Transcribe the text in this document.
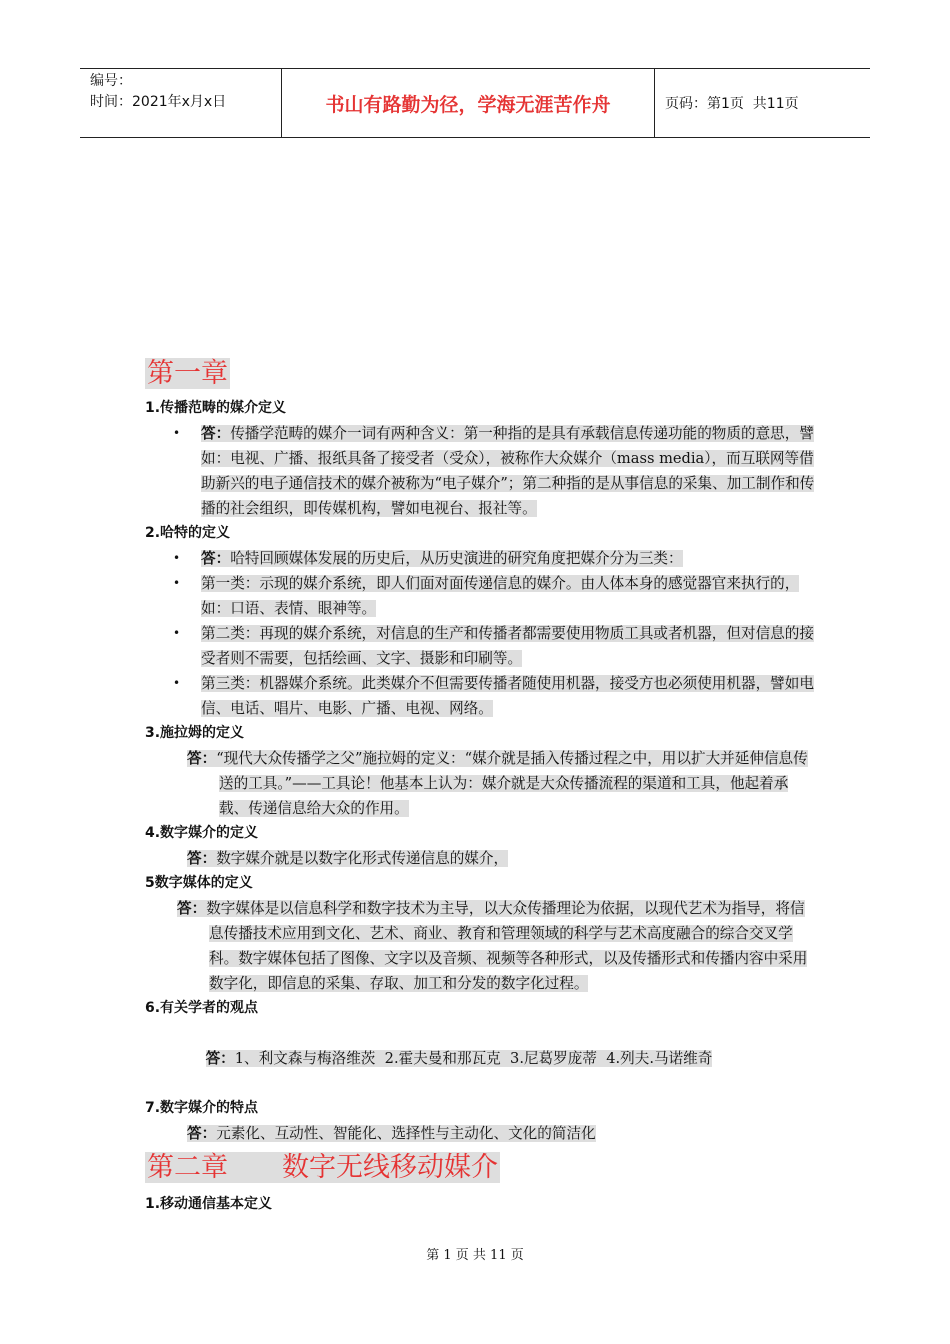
编号：
时间：2021年x月x日	书山有路勤为径，学海无涯苦作舟	页码：第1页  共11页
第一章
1.传播范畴的媒介定义
• 答：传播学范畴的媒介一词有两种含义：第一种指的是具有承载信息传递功能的物质的意思，譬如：电视、广播、报纸具备了接受者（受众），被称作大众媒介（mass media），而互联网等借助新兴的电子通信技术的媒介被称为“电子媒介”；第二种指的是从事信息的采集、加工制作和传播的社会组织，即传媒机构，譬如电视台、报社等。
2.哈特的定义
• 答：哈特回顾媒体发展的历史后，从历史演进的研究角度把媒介分为三类：
• 第一类：示现的媒介系统，即人们面对面传递信息的媒介。由人体本身的感觉器官来执行的，如：口语、表情、眼神等。
• 第二类：再现的媒介系统，对信息的生产和传播者都需要使用物质工具或者机器，但对信息的接受者则不需要，包括绘画、文字、摄影和印刷等。
• 第三类：机器媒介系统。此类媒介不但需要传播者随使用机器，接受方也必须使用机器，譬如电信、电话、唱片、电影、广播、电视、网络。
3.施拉姆的定义
答：“现代大众传播学之父”施拉姆的定义：“媒介就是插入传播过程之中，用以扩大并延伸信息传送的工具。”——工具论！他基本上认为：媒介就是大众传播流程的渠道和工具，他起着承载、传递信息给大众的作用。
4.数字媒介的定义
答：数字媒介就是以数字化形式传递信息的媒介，
5数字媒体的定义
答：数字媒体是以信息科学和数字技术为主导，以大众传播理论为依据，以现代艺术为指导，将信息传播技术应用到文化、艺术、商业、教育和管理领域的科学与艺术高度融合的综合交叉学科。数字媒体包括了图像、文字以及音频、视频等各种形式，以及传播形式和传播内容中采用数字化，即信息的采集、存取、加工和分发的数字化过程。
6.有关学者的观点

答：1、利文森与梅洛维茨  2.霍夫曼和那瓦克  3.尼葛罗庞蒂  4.列夫.马诺维奇

7.数字媒介的特点
答：元素化、互动性、智能化、选择性与主动化、文化的简洁化
第二章　　数字无线移动媒介
1.移动通信基本定义
第 1 页 共 11 页
